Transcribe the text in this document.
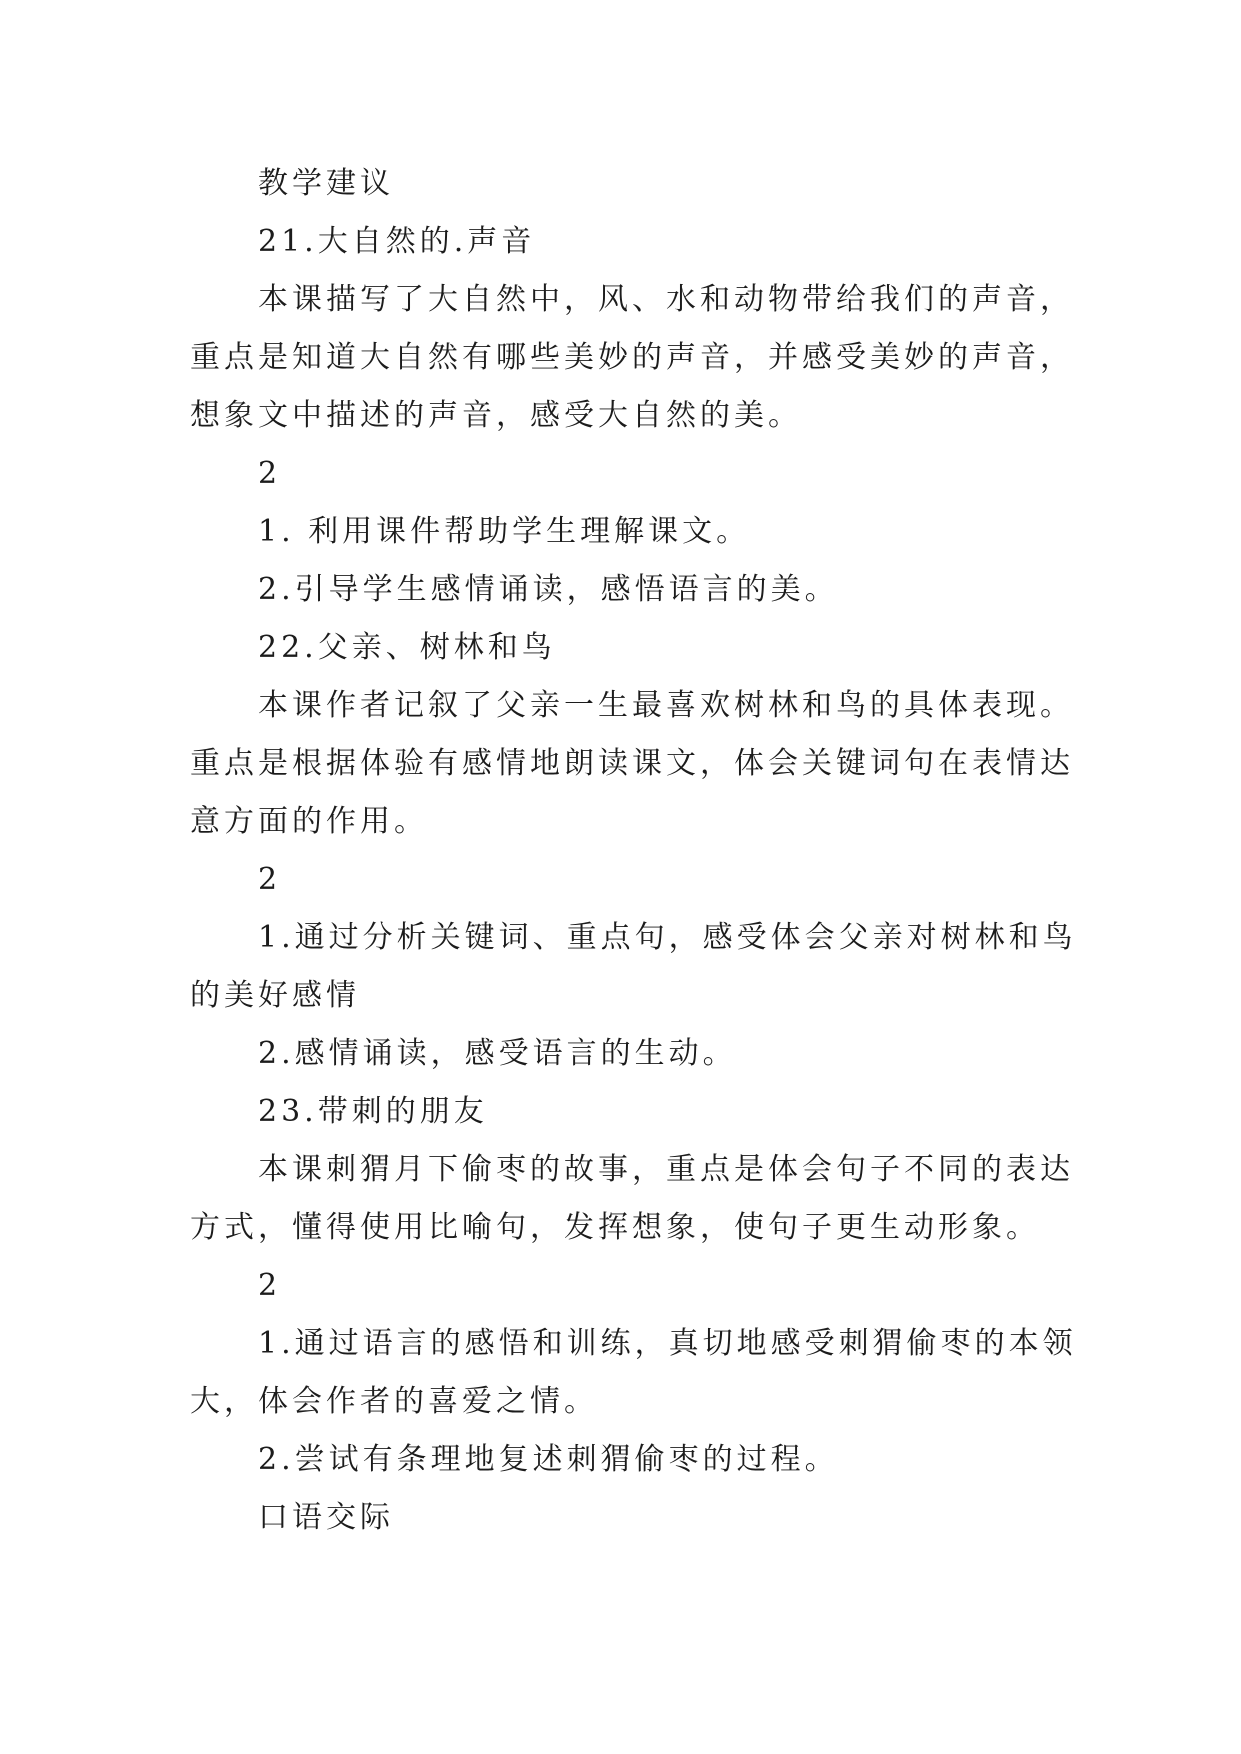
教学建议
21.大自然的.声音
本课描写了大自然中，风、水和动物带给我们的声音，
重点是知道大自然有哪些美妙的声音，并感受美妙的声音，
想象文中描述的声音，感受大自然的美。
2
1. 利用课件帮助学生理解课文。
2.引导学生感情诵读，感悟语言的美。
22.父亲、树林和鸟
本课作者记叙了父亲一生最喜欢树林和鸟的具体表现。
重点是根据体验有感情地朗读课文，体会关键词句在表情达
意方面的作用。
2
1.通过分析关键词、重点句，感受体会父亲对树林和鸟
的美好感情
2.感情诵读，感受语言的生动。
23.带刺的朋友
本课刺猬月下偷枣的故事，重点是体会句子不同的表达
方式，懂得使用比喻句，发挥想象，使句子更生动形象。
2
1.通过语言的感悟和训练，真切地感受刺猬偷枣的本领
大，体会作者的喜爱之情。
2.尝试有条理地复述刺猬偷枣的过程。
口语交际
